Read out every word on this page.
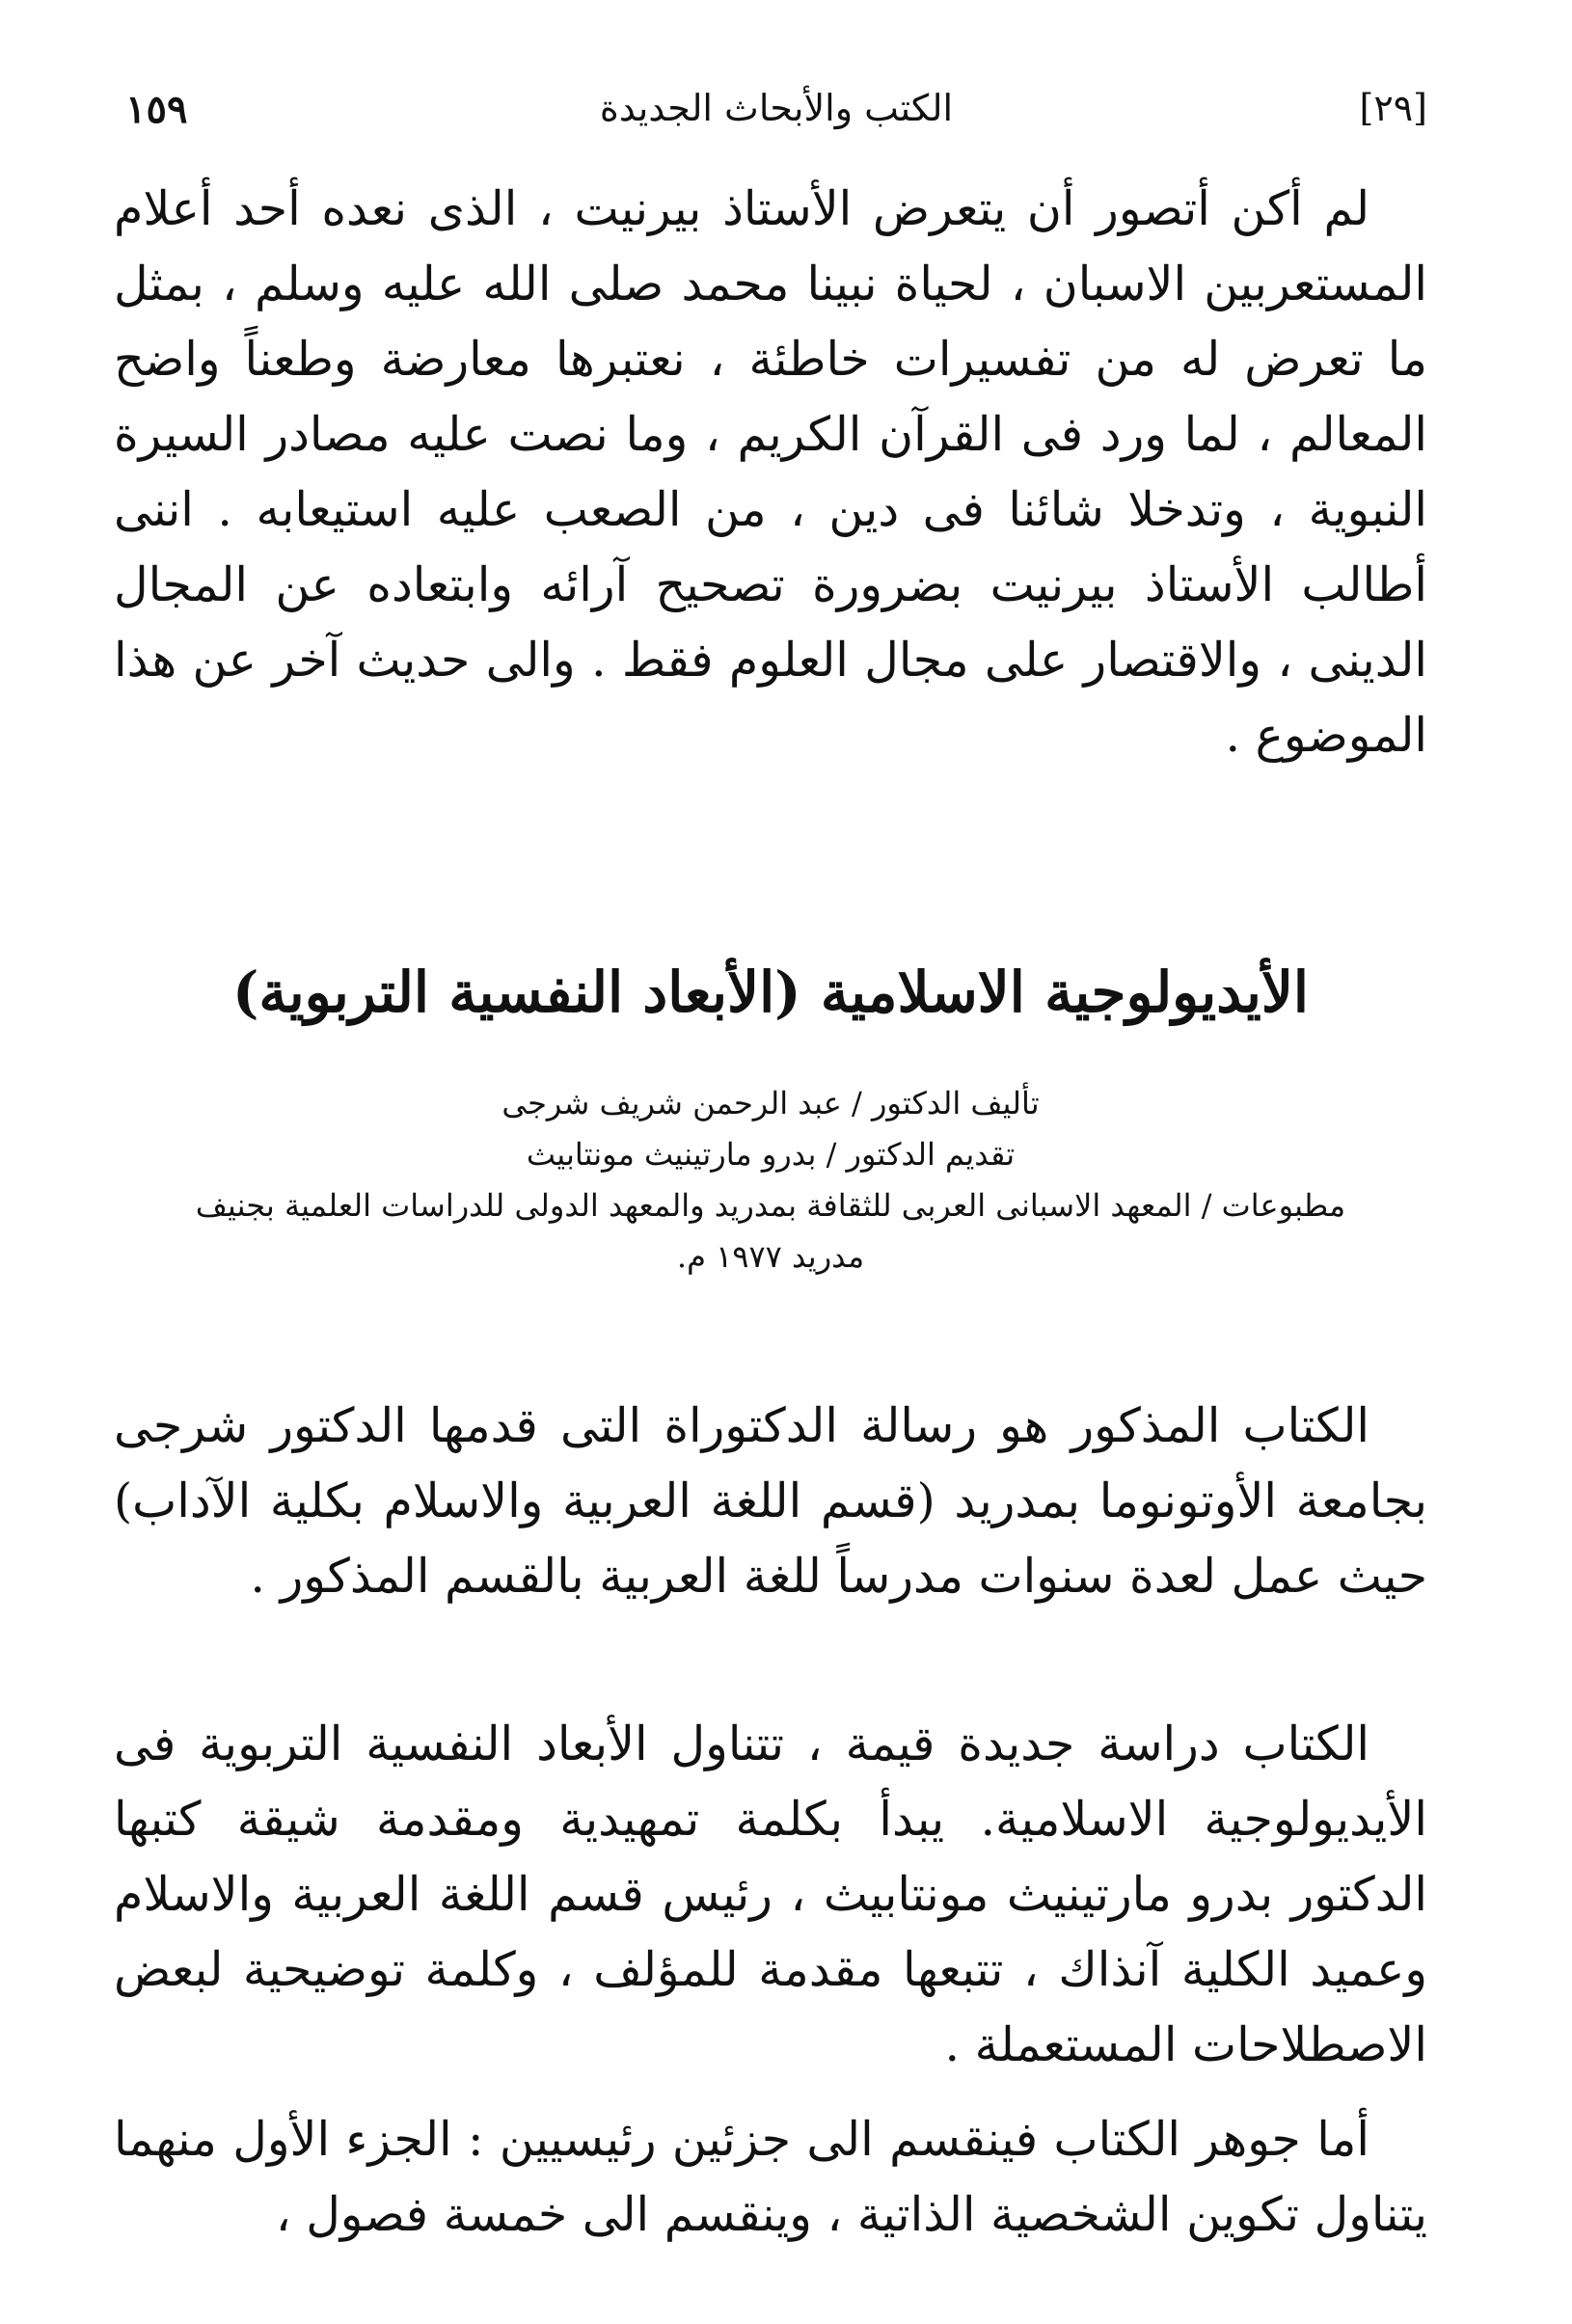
١٥٩	الكتب والأبحاث الجديدة	[٢٩]

لم أكن أتصور أن يتعرض الأستاذ بيرنيت ، الذى نعده أحد أعلام المستعربين الاسبان ، لحياة نبينا محمد صلى الله عليه وسلم ، بمثل ما تعرض له من تفسيرات خاطئة ، نعتبرها معارضة وطعناً واضح المعالم ، لما ورد فى القرآن الكريم ، وما نصت عليه مصادر السيرة النبوية ، وتدخلا شائنا فى دين ، من الصعب عليه استيعابه . اننى أطالب الأستاذ بيرنيت بضرورة تصحيح آرائه وابتعاده عن المجال الدينى ، والاقتصار على مجال العلوم فقط . والى حديث آخر عن هذا الموضوع .

الأيديولوجية الاسلامية (الأبعاد النفسية التربوية)
تأليف الدكتور / عبد الرحمن شريف شرجى
تقديم الدكتور / بدرو مارتينيث مونتابيث
مطبوعات / المعهد الاسبانى العربى للثقافة بمدريد والمعهد الدولى للدراسات العلمية بجنيف
مدريد ١٩٧٧ م.

الكتاب المذكور هو رسالة الدكتوراة التى قدمها الدكتور شرجى بجامعة الأوتونوما بمدريد (قسم اللغة العربية والاسلام بكلية الآداب) حيث عمل لعدة سنوات مدرساً للغة العربية بالقسم المذكور .

الكتاب دراسة جديدة قيمة ، تتناول الأبعاد النفسية التربوية فى الأيديولوجية الاسلامية. يبدأ بكلمة تمهيدية ومقدمة شيقة كتبها الدكتور بدرو مارتينيث مونتابيث ، رئيس قسم اللغة العربية والاسلام وعميد الكلية آنذاك ، تتبعها مقدمة للمؤلف ، وكلمة توضيحية لبعض الاصطلاحات المستعملة .

أما جوهر الكتاب فينقسم الى جزئين رئيسيين : الجزء الأول منهما يتناول تكوين الشخصية الذاتية ، وينقسم الى خمسة فصول ،
